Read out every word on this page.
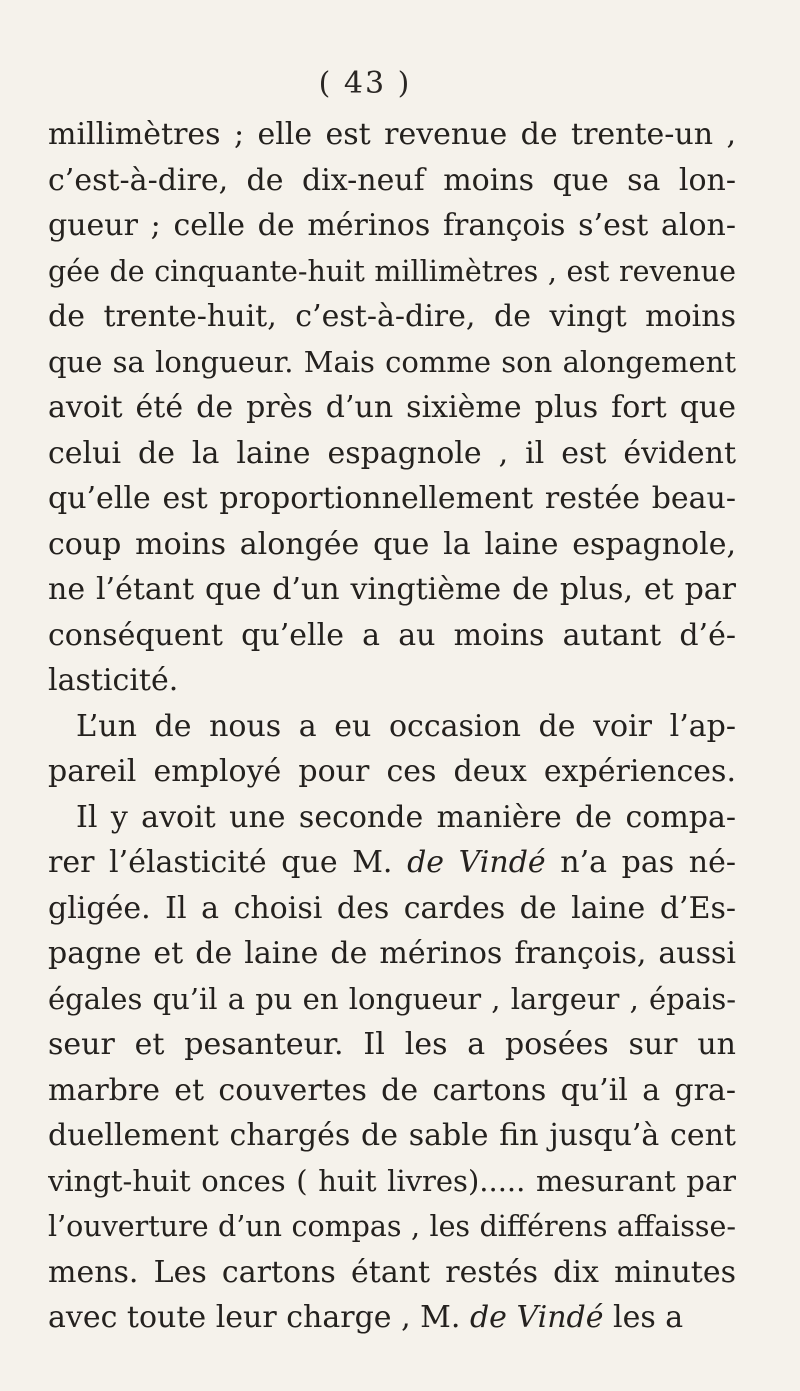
( 43 )
millimètres ; elle est revenue de trente-un ,
c’est-à-dire, de dix-neuf moins que sa lon-
gueur ; celle de mérinos françois s’est alon-
gée de cinquante-huit millimètres , est revenue
de trente-huit, c’est-à-dire, de vingt moins
que sa longueur. Mais comme son alongement
avoit été de près d’un sixième plus fort que
celui de la laine espagnole , il est évident
qu’elle est proportionnellement restée beau-
coup moins alongée que la laine espagnole,
ne l’étant que d’un vingtième de plus, et par
conséquent qu’elle a au moins autant d’é-
lasticité.
L’un de nous a eu occasion de voir l’ap-
pareil employé pour ces deux expériences.
Il y avoit une seconde manière de compa-
rer l’élasticité que M. de Vindé n’a pas né-
gligée. Il a choisi des cardes de laine d’Es-
pagne et de laine de mérinos françois, aussi
égales qu’il a pu en longueur , largeur , épais-
seur et pesanteur. Il les a posées sur un
marbre et couvertes de cartons qu’il a gra-
duellement chargés de sable fin jusqu’à cent
vingt-huit onces ( huit livres)..... mesurant par
l’ouverture d’un compas , les différens affaisse-
mens. Les cartons étant restés dix minutes
avec toute leur charge , M. de Vindé les a
